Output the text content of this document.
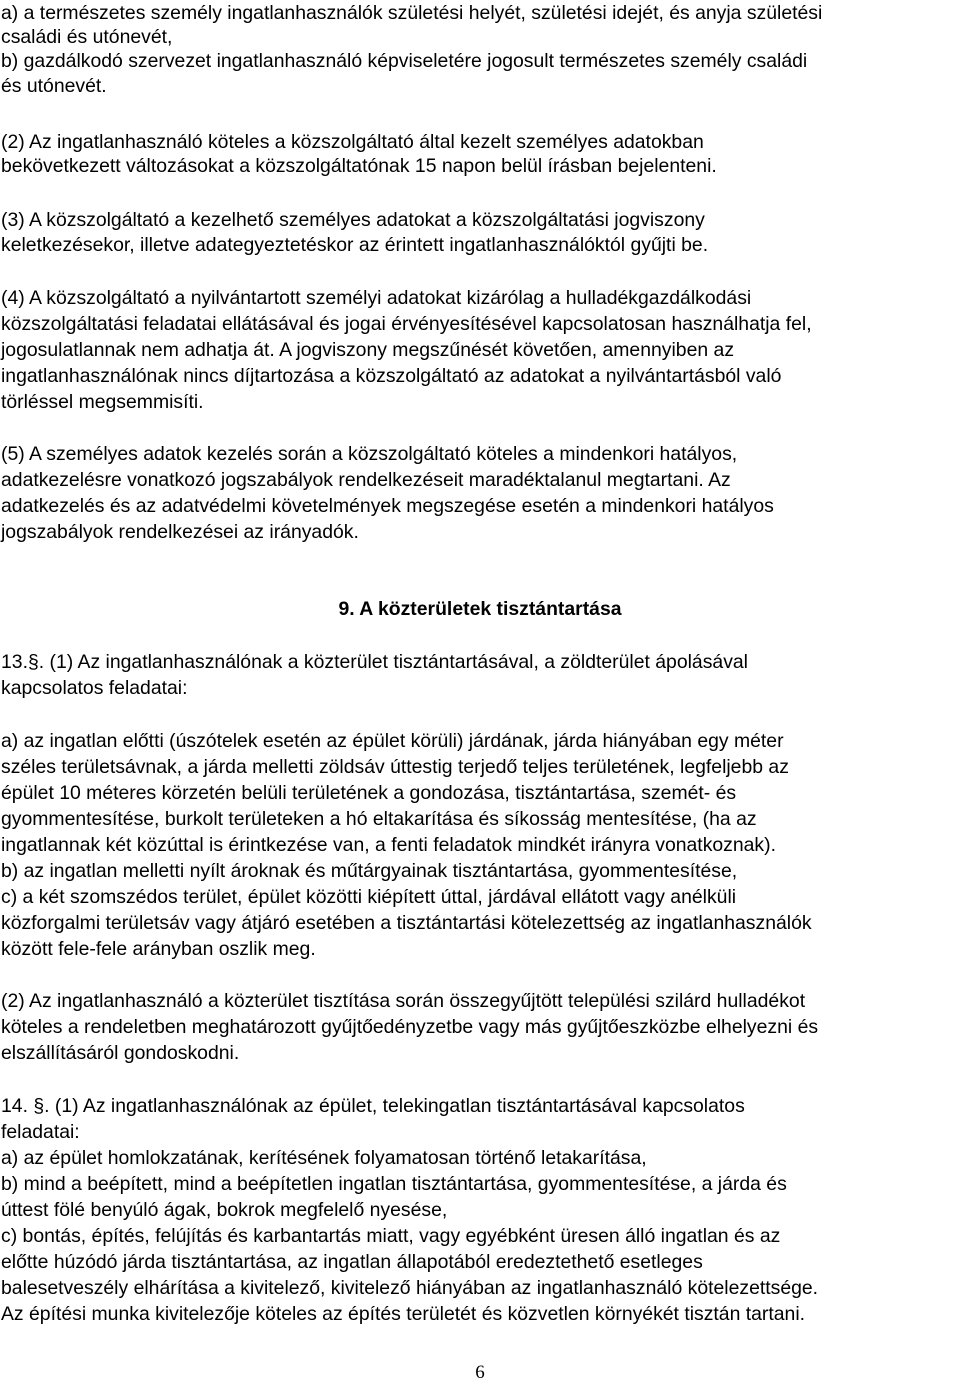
a) a természetes személy ingatlanhasználók születési helyét, születési idejét, és anyja születési
családi és utónevét,
b) gazdálkodó szervezet ingatlanhasználó képviseletére jogosult természetes személy családi
és utónevét.
(2) Az ingatlanhasználó köteles a közszolgáltató által kezelt személyes adatokban
bekövetkezett változásokat a közszolgáltatónak 15 napon belül írásban bejelenteni.
(3) A közszolgáltató a kezelhető személyes adatokat a közszolgáltatási jogviszony
keletkezésekor, illetve adategyeztetéskor az érintett ingatlanhasználóktól gyűjti be.
(4) A közszolgáltató a nyilvántartott személyi adatokat kizárólag a hulladékgazdálkodási
közszolgáltatási feladatai ellátásával és jogai érvényesítésével kapcsolatosan használhatja fel,
jogosulatlannak nem adhatja át. A jogviszony megszűnését követően, amennyiben az
ingatlanhasználónak nincs díjtartozása a közszolgáltató az adatokat a nyilvántartásból való
törléssel megsemmisíti.
(5) A személyes adatok kezelés során a közszolgáltató köteles a mindenkori hatályos,
adatkezelésre vonatkozó jogszabályok rendelkezéseit maradéktalanul megtartani. Az
adatkezelés és az adatvédelmi követelmények megszegése esetén a mindenkori hatályos
jogszabályok rendelkezései az irányadók.
9. A közterületek tisztántartása
13.§. (1) Az ingatlanhasználónak a közterület tisztántartásával, a zöldterület ápolásával
kapcsolatos feladatai:
a) az ingatlan előtti (úszótelek esetén az épület körüli) járdának, járda hiányában egy méter
széles területsávnak, a járda melletti zöldsáv úttestig terjedő teljes területének, legfeljebb az
épület 10 méteres körzetén belüli területének a gondozása, tisztántartása, szemét- és
gyommentesítése, burkolt területeken a hó eltakarítása és síkosság mentesítése, (ha az
ingatlannak két közúttal is érintkezése van, a fenti feladatok mindkét irányra vonatkoznak).
b) az ingatlan melletti nyílt ároknak és műtárgyainak tisztántartása, gyommentesítése,
c) a két szomszédos terület, épület közötti kiépített úttal, járdával ellátott vagy anélküli
közforgalmi területsáv vagy átjáró esetében a tisztántartási kötelezettség az ingatlanhasználók
között fele-fele arányban oszlik meg.
(2) Az ingatlanhasználó a közterület tisztítása során összegyűjtött települési szilárd hulladékot
köteles a rendeletben meghatározott gyűjtőedényzetbe vagy más gyűjtőeszközbe elhelyezni és
elszállításáról gondoskodni.
14. §. (1) Az ingatlanhasználónak az épület, telekingatlan tisztántartásával kapcsolatos
feladatai:
a) az épület homlokzatának, kerítésének folyamatosan történő letakarítása,
b) mind a beépített, mind a beépítetlen ingatlan tisztántartása, gyommentesítése, a járda és
úttest fölé benyúló ágak, bokrok megfelelő nyesése,
c) bontás, építés, felújítás és karbantartás miatt, vagy egyébként üresen álló ingatlan és az
előtte húzódó járda tisztántartása, az ingatlan állapotából eredeztethető esetleges
balesetveszély elhárítása a kivitelező, kivitelező hiányában az ingatlanhasználó kötelezettsége.
Az építési munka kivitelezője köteles az építés területét és közvetlen környékét tisztán tartani.
6
